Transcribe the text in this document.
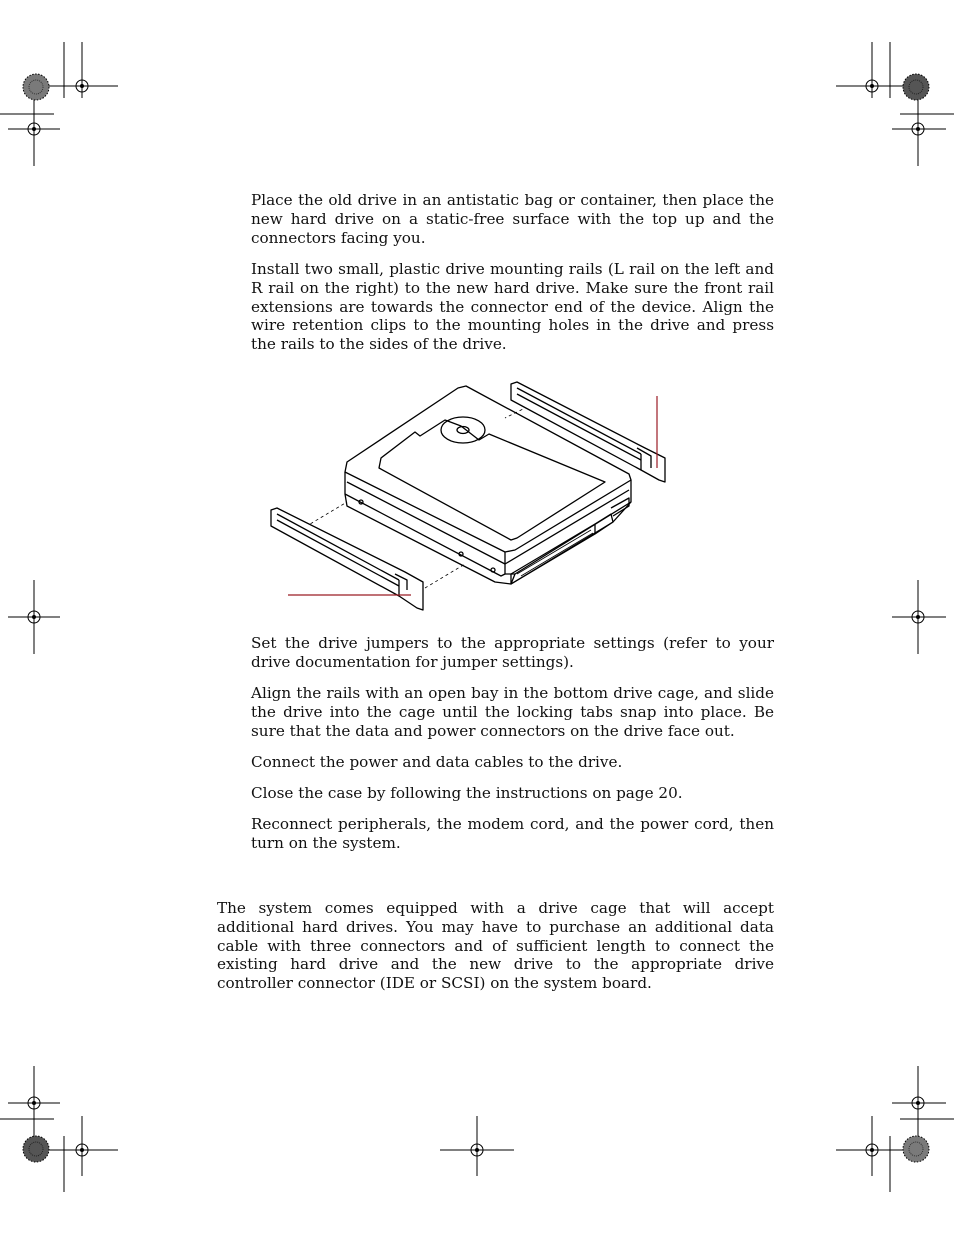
Place the old drive in an antistatic bag or container, then place the new hard drive on a static-free surface with the top up and the connectors facing you.

Install two small, plastic drive mounting rails (L rail on the left and R rail on the right) to the new hard drive. Make sure the front rail extensions are towards the connector end of the device. Align the wire retention clips to the mounting holes in the drive and press the rails to the sides of the drive.

Set the drive jumpers to the appropriate settings (refer to your drive documentation for jumper settings).

Align the rails with an open bay in the bottom drive cage, and slide the drive into the cage until the locking tabs snap into place. Be sure that the data and power connectors on the drive face out.

Connect the power and data cables to the drive.

Close the case by following the instructions on page 20.

Reconnect peripherals, the modem cord, and the power cord, then turn on the system.

The system comes equipped with a drive cage that will accept additional hard drives. You may have to purchase an additional data cable with three connectors and of sufficient length to connect the existing hard drive and the new drive to the appropriate drive controller connector (IDE or SCSI) on the system board.
